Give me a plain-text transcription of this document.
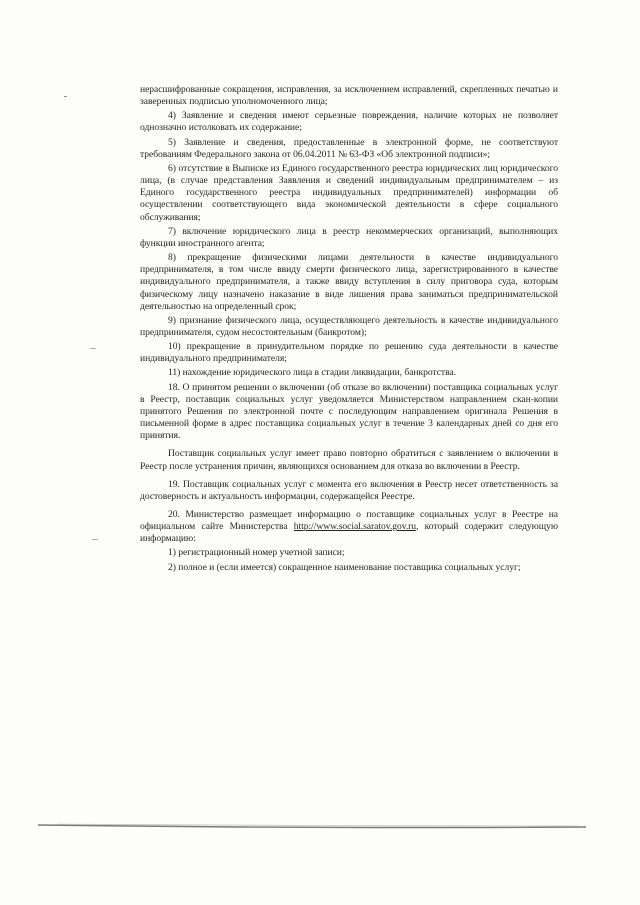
нерасшифрованные сокращения, исправления, за исключением исправлений, скрепленных печатью и заверенных подписью уполномоченного лица;

4) Заявление и сведения имеют серьезные повреждения, наличие которых не позволяет однозначно истолковать их содержание;

5) Заявление и сведения, предоставленные в электронной форме, не соответствуют требованиям Федерального закона от 06.04.2011 № 63-ФЗ «Об электронной подписи»;

6) отсутствие в Выписке из Единого государственного реестра юридических лиц юридического лица, (в случае представления Заявления и сведений индивидуальным предпринимателем – из Единого государственного реестра индивидуальных предпринимателей) информации об осуществлении соответствующего вида экономической деятельности в сфере социального обслуживания;

7) включение юридического лица в реестр некоммерческих организаций, выполняющих функции иностранного агента;

8) прекращение физическими лицами деятельности в качестве индивидуального предпринимателя, в том числе ввиду смерти физического лица, зарегистрированного в качестве индивидуального предпринимателя, а также ввиду вступления в силу приговора суда, которым физическому лицу назначено наказание в виде лишения права заниматься предпринимательской деятельностью на определенный срок;

9) признание физического лица, осуществляющего деятельность в качестве индивидуального предпринимателя, судом несостоятельным (банкротом);

10) прекращение в принудительном порядке по решению суда деятельности в качестве индивидуального предпринимателя;

11) нахождение юридического лица в стадии ликвидации, банкротства.

18. О принятом решении о включении (об отказе во включении) поставщика социальных услуг в Реестр, поставщик социальных услуг уведомляется Министерством направлением скан-копии принятого Решения по электронной почте с последующим направлением оригинала Решения в письменной форме в адрес поставщика социальных услуг в течение 3 календарных дней со дня его принятия.

Поставщик социальных услуг имеет право повторно обратиться с заявлением о включении в Реестр после устранения причин, являющихся основанием для отказа во включении в Реестр.

19. Поставщик социальных услуг с момента его включения в Реестр несет ответственность за достоверность и актуальность информации, содержащейся Реестре.

20. Министерство размещает информацию о поставщике социальных услуг в Реестре на официальном сайте Министерства http://www.social.saratov.gov.ru, который содержит следующую информацию:

1) регистрационный номер учетной записи;

2) полное и (если имеется) сокращенное наименование поставщика социальных услуг;
